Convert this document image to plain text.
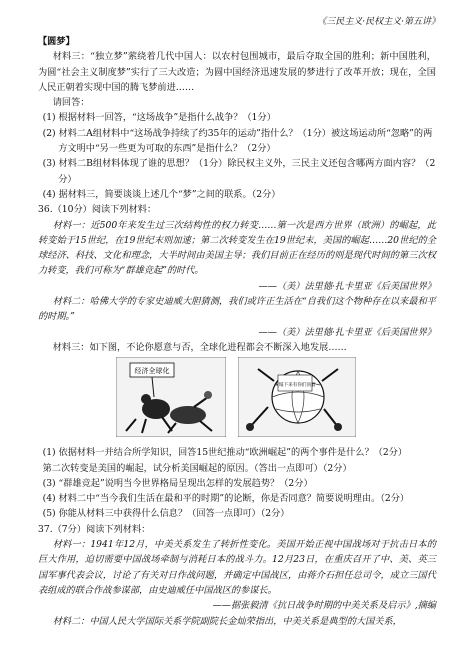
《三民主义·民权主义·第五讲》

【圆梦】

材料三：“独立梦”萦绕着几代中国人：以农村包围城市，最后夺取全国的胜利；新中国胜利，为圆“社会主义制度梦”实行了三大改造；为圆中国经济迅速发展的梦进行了改革开放；现在，全国人民正朝着实现中国的腾飞梦前进……

请回答：

(1) 根据材料一回答，“这场战争”是指什么战争？（1分）

(2) 材料二A组材料中“这场战争持续了约35年的运动”指什么？（1分）被这场运动所“忽略”的两方文明中“另一些更为可取的东西”是指什么？（2分）

(3) 材料二B组材料体现了谁的思想？（1分）除民权主义外，三民主义还包含哪两方面内容？（2分）

(4) 据材料三，简要谈谈上述几个“梦”之间的联系。（2分）

36.（10分）阅读下列材料：

材料一：近500年来发生过三次结构性的权力转变……第一次是西方世界（欧洲）的崛起，此转变始于15世纪，在19世纪末则加速；第二次转变发生在19世纪末，美国的崛起……20世纪的全球经济、科技、文化和理念，大半时间由美国主导；我们目前正在经历的则是现代时间的第三次权力转变，我们可称为“群雄竞起”的时代。

——（美）法里德·扎卡里亚《后美国世界》

材料二：哈佛大学的专家史迪威大胆猜测，我们或许正生活在“自我们这个物种存在以来最和平的时期。”

——（美）法里德·扎卡里亚《后美国世界》

材料三：如下图，不论你愿意与否，全球化进程都会不断深入地发展……

经济全球化
天塌下来有你们顶着

(1) 依据材料一并结合所学知识，回答15世纪推动“欧洲崛起”的两个事件是什么？（2分）

第二次转变是美国的崛起，试分析美国崛起的原因。（答出一点即可）（2分）

(3) “群雄竞起”说明当今世界格局呈现出怎样的发展趋势？（2分）

(4) 材料二中“当今我们生活在最和平的时期”的论断，你是否同意？简要说明理由。（2分）

(5) 你能从材料三中获得什么信息？（回答一点即可）（2分）

37.（7分）阅读下列材料：

材料一：1941年12月，中美关系发生了转折性变化。美国开始正视中国战场对于抗击日本的巨大作用，迫切需要中国战场牵制与消耗日本的战斗力。12月23日，在重庆召开了中、美、英三国军事代表会议，讨论了有关对日作战问题，并确定中国战区，由蒋介石担任总司令，成立三国代表组成的联合作战参谋部，由史迪威任中国战区的参谋长。

——据张毅清《抗日战争时期的中美关系及启示》,摘编

材料二：中国人民大学国际关系学院副院长金灿荣指出，中美关系是典型的大国关系，
